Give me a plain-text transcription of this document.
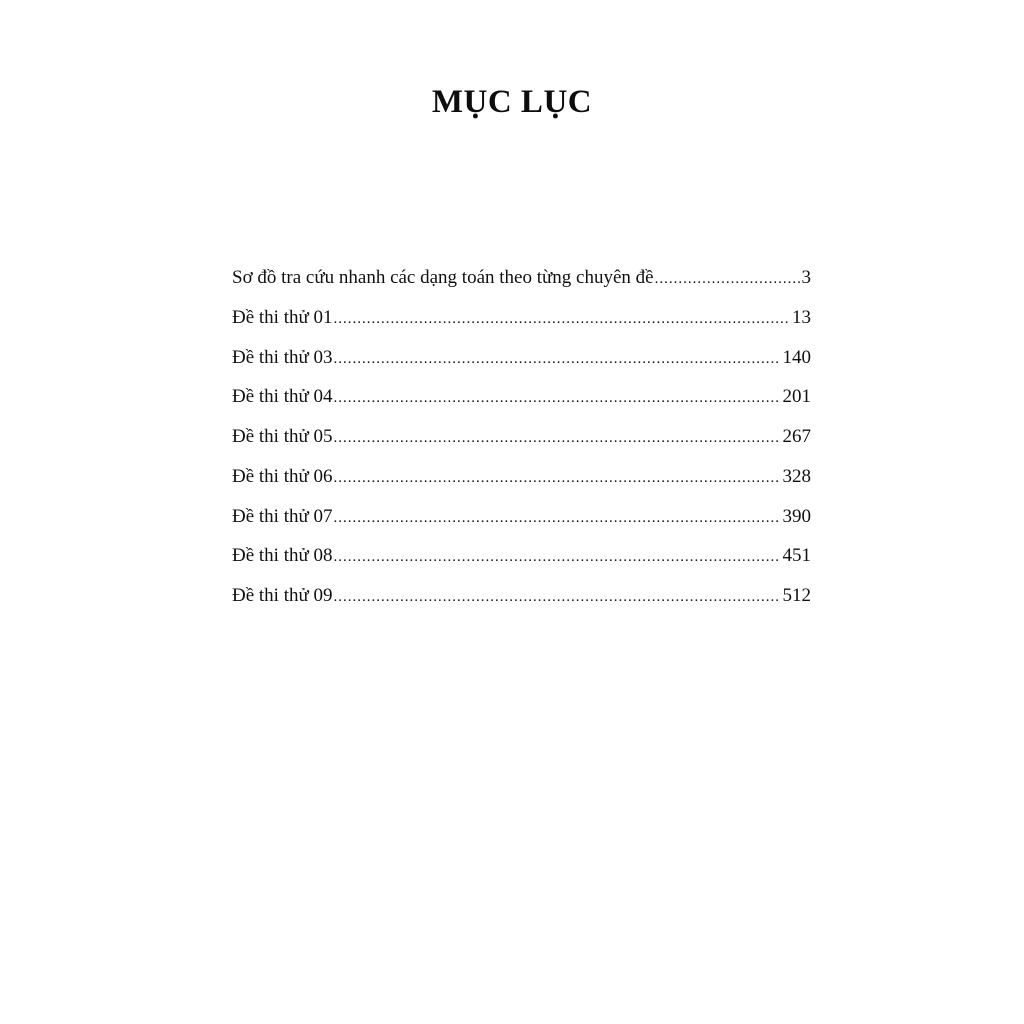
MỤC LỤC
Sơ đồ tra cứu nhanh các dạng toán theo từng chuyên đề .....	3
Đề thi thử 01 .....	13
Đề thi thử 03 .....	140
Đề thi thử 04 .....	201
Đề thi thử 05 .....	267
Đề thi thử 06 .....	328
Đề thi thử 07 .....	390
Đề thi thử 08 .....	451
Đề thi thử 09 .....	512
